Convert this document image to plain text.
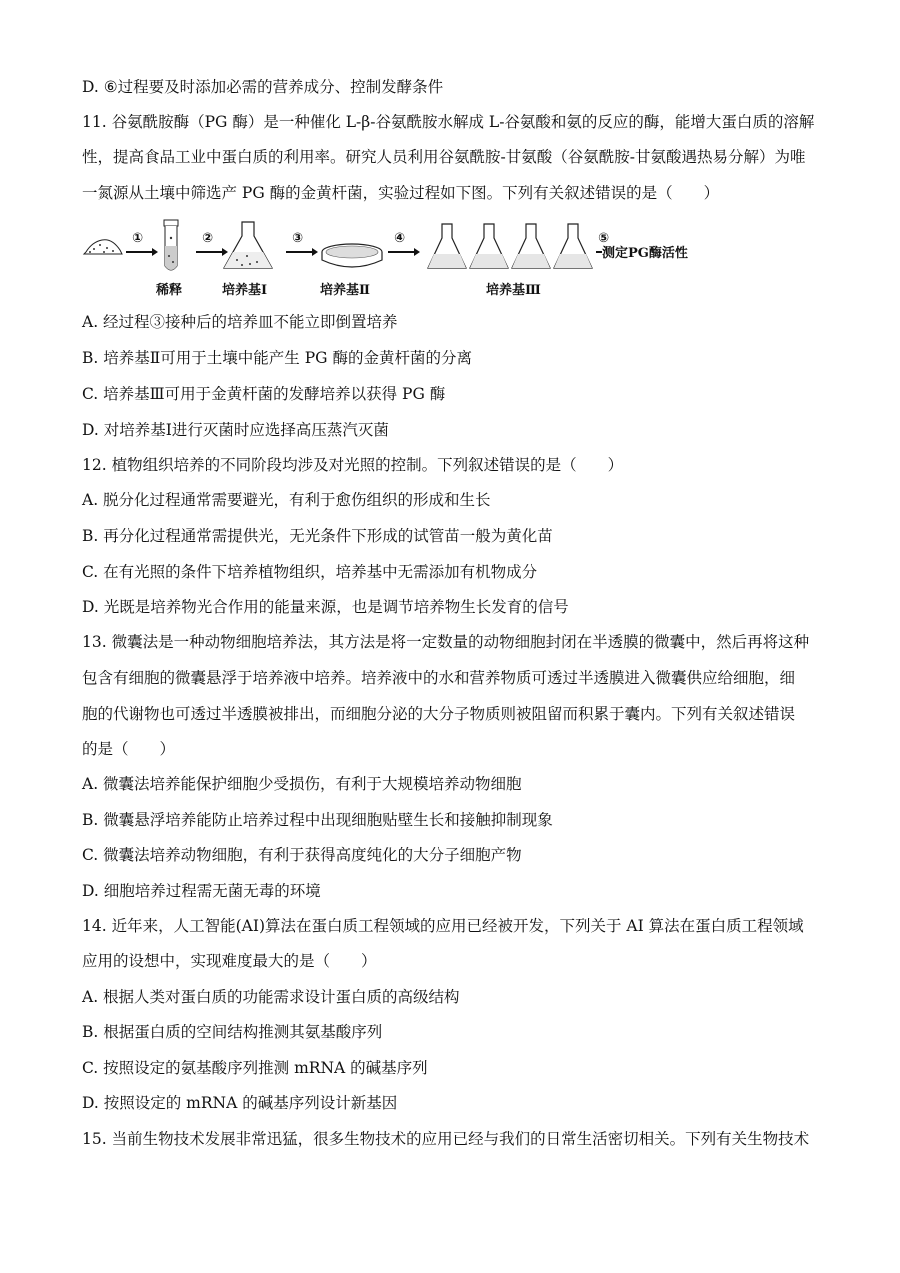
D. ⑥过程要及时添加必需的营养成分、控制发酵条件
11. 谷氨酰胺酶（PG 酶）是一种催化 L-β-谷氨酰胺水解成 L-谷氨酸和氨的反应的酶，能增大蛋白质的溶解
性，提高食品工业中蛋白质的利用率。研究人员利用谷氨酰胺-甘氨酸（谷氨酰胺-甘氨酸遇热易分解）为唯
一氮源从土壤中筛选产 PG 酶的金黄杆菌，实验过程如下图。下列有关叙述错误的是（　　）
①
稀释
②
培养基Ⅰ
③
培养基Ⅱ
④
培养基Ⅲ
⑤
测定PG酶活性
A. 经过程③接种后的培养皿不能立即倒置培养
B. 培养基Ⅱ可用于土壤中能产生 PG 酶的金黄杆菌的分离
C. 培养基Ⅲ可用于金黄杆菌的发酵培养以获得 PG 酶
D. 对培养基Ⅰ进行灭菌时应选择高压蒸汽灭菌
12. 植物组织培养的不同阶段均涉及对光照的控制。下列叙述错误的是（　　）
A. 脱分化过程通常需要避光，有利于愈伤组织的形成和生长
B. 再分化过程通常需提供光，无光条件下形成的试管苗一般为黄化苗
C. 在有光照的条件下培养植物组织，培养基中无需添加有机物成分
D. 光既是培养物光合作用的能量来源，也是调节培养物生长发育的信号
13. 微囊法是一种动物细胞培养法，其方法是将一定数量的动物细胞封闭在半透膜的微囊中，然后再将这种
包含有细胞的微囊悬浮于培养液中培养。培养液中的水和营养物质可透过半透膜进入微囊供应给细胞，细
胞的代谢物也可透过半透膜被排出，而细胞分泌的大分子物质则被阻留而积累于囊内。下列有关叙述错误
的是（　　）
A. 微囊法培养能保护细胞少受损伤，有利于大规模培养动物细胞
B. 微囊悬浮培养能防止培养过程中出现细胞贴壁生长和接触抑制现象
C. 微囊法培养动物细胞，有利于获得高度纯化的大分子细胞产物
D. 细胞培养过程需无菌无毒的环境
14. 近年来，人工智能(AI)算法在蛋白质工程领域的应用已经被开发，下列关于 AI 算法在蛋白质工程领域
应用的设想中，实现难度最大的是（　　）
A. 根据人类对蛋白质的功能需求设计蛋白质的高级结构
B. 根据蛋白质的空间结构推测其氨基酸序列
C. 按照设定的氨基酸序列推测 mRNA 的碱基序列
D. 按照设定的 mRNA 的碱基序列设计新基因
15. 当前生物技术发展非常迅猛，很多生物技术的应用已经与我们的日常生活密切相关。下列有关生物技术
